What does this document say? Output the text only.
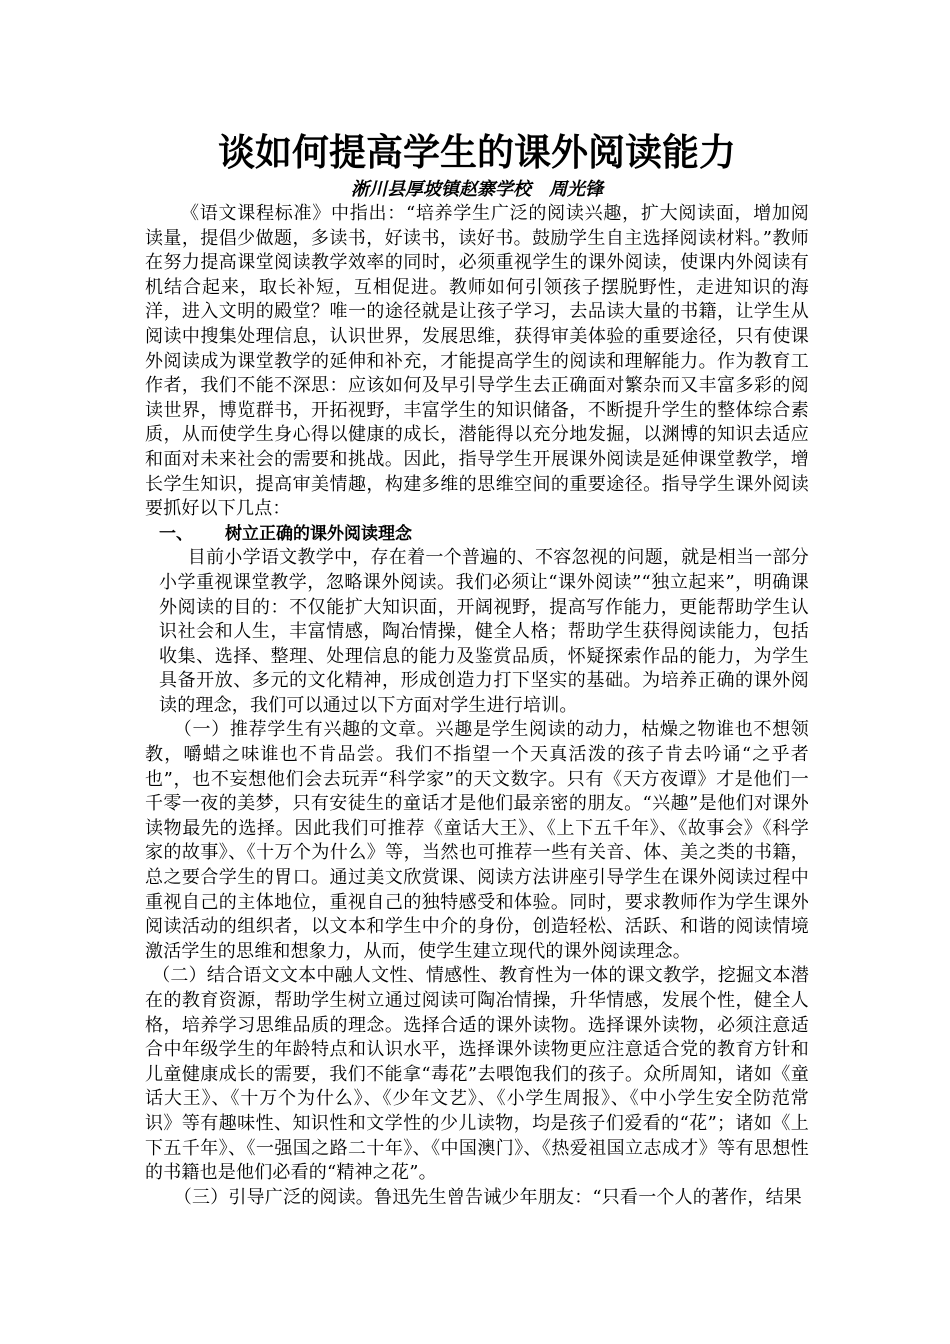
谈如何提高学生的课外阅读能力

淅川县厚坡镇赵寨学校　周光锋

《语文课程标准》中指出：“培养学生广泛的阅读兴趣，扩大阅读面，增加阅读量，提倡少做题，多读书，好读书，读好书。鼓励学生自主选择阅读材料。”教师在努力提高课堂阅读教学效率的同时，必须重视学生的课外阅读，使课内外阅读有机结合起来，取长补短，互相促进。教师如何引领孩子摆脱野性，走进知识的海洋，进入文明的殿堂？唯一的途径就是让孩子学习，去品读大量的书籍，让学生从阅读中搜集处理信息，认识世界，发展思维，获得审美体验的重要途径，只有使课外阅读成为课堂教学的延伸和补充，才能提高学生的阅读和理解能力。作为教育工作者，我们不能不深思：应该如何及早引导学生去正确面对繁杂而又丰富多彩的阅读世界，博览群书，开拓视野，丰富学生的知识储备，不断提升学生的整体综合素质，从而使学生身心得以健康的成长，潜能得以充分地发掘，以渊博的知识去适应和面对未来社会的需要和挑战。因此，指导学生开展课外阅读是延伸课堂教学，增长学生知识，提高审美情趣，构建多维的思维空间的重要途径。指导学生课外阅读要抓好以下几点：

一、 树立正确的课外阅读理念

目前小学语文教学中，存在着一个普遍的、不容忽视的问题，就是相当一部分小学重视课堂教学，忽略课外阅读。我们必须让“课外阅读”“独立起来”，明确课外阅读的目的：不仅能扩大知识面，开阔视野，提高写作能力，更能帮助学生认识社会和人生，丰富情感，陶冶情操，健全人格；帮助学生获得阅读能力，包括收集、选择、整理、处理信息的能力及鉴赏品质，怀疑探索作品的能力，为学生具备开放、多元的文化精神，形成创造力打下坚实的基础。为培养正确的课外阅读的理念，我们可以通过以下方面对学生进行培训。

（一）推荐学生有兴趣的文章。兴趣是学生阅读的动力，枯燥之物谁也不想领教，嚼蜡之味谁也不肯品尝。我们不指望一个天真活泼的孩子肯去吟诵“之乎者也”，也不妄想他们会去玩弄“科学家”的天文数字。只有《天方夜谭》才是他们一千零一夜的美梦，只有安徒生的童话才是他们最亲密的朋友。“兴趣”是他们对课外读物最先的选择。因此我们可推荐《童话大王》、《上下五千年》、《故事会》《科学家的故事》、《十万个为什么》等，当然也可推荐一些有关音、体、美之类的书籍，总之要合学生的胃口。通过美文欣赏课、阅读方法讲座引导学生在课外阅读过程中重视自己的主体地位，重视自己的独特感受和体验。同时，要求教师作为学生课外阅读活动的组织者，以文本和学生中介的身份，创造轻松、活跃、和谐的阅读情境激活学生的思维和想象力，从而，使学生建立现代的课外阅读理念。

（二）结合语文文本中融人文性、情感性、教育性为一体的课文教学，挖掘文本潜在的教育资源，帮助学生树立通过阅读可陶冶情操，升华情感，发展个性，健全人格，培养学习思维品质的理念。选择合适的课外读物。选择课外读物，必须注意适合中年级学生的年龄特点和认识水平，选择课外读物更应注意适合党的教育方针和儿童健康成长的需要，我们不能拿“毒花”去喂饱我们的孩子。众所周知，诸如《童话大王》、《十万个为什么》、《少年文艺》、《小学生周报》、《中小学生安全防范常识》等有趣味性、知识性和文学性的少儿读物，均是孩子们爱看的“花”；诸如《上下五千年》、《一强国之路二十年》、《中国澳门》、《热爱祖国立志成才》等有思想性的书籍也是他们必看的“精神之花”。

（三）引导广泛的阅读。鲁迅先生曾告诫少年朋友：“只看一个人的著作，结果
